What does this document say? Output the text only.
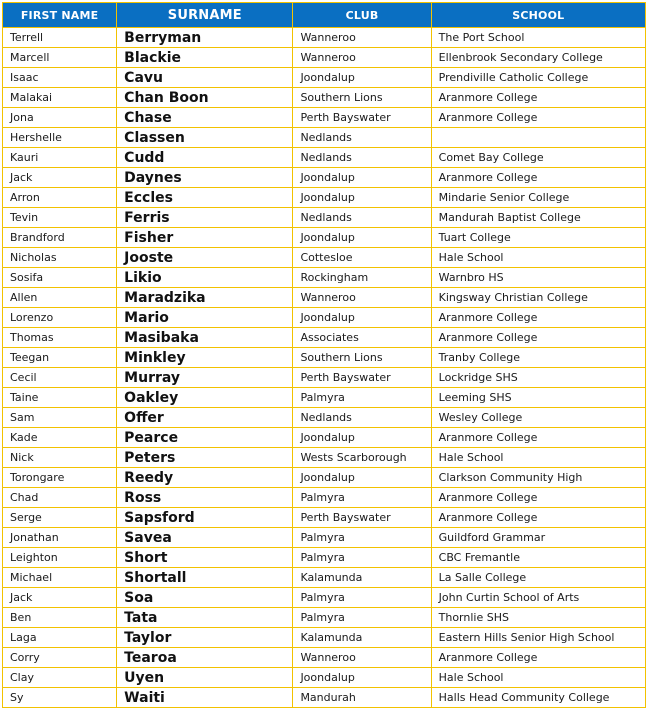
FIRST NAME	SURNAME	CLUB	SCHOOL
Terrell	Berryman	Wanneroo	The Port School
Marcell	Blackie	Wanneroo	Ellenbrook Secondary College
Isaac	Cavu	Joondalup	Prendiville Catholic College
Malakai	Chan Boon	Southern Lions	Aranmore College
Jona	Chase	Perth Bayswater	Aranmore College
Hershelle	Classen	Nedlands	
Kauri	Cudd	Nedlands	Comet Bay College
Jack	Daynes	Joondalup	Aranmore College
Arron	Eccles	Joondalup	Mindarie Senior College
Tevin	Ferris	Nedlands	Mandurah Baptist College
Brandford	Fisher	Joondalup	Tuart College
Nicholas	Jooste	Cottesloe	Hale School
Sosifa	Likio	Rockingham	Warnbro HS
Allen	Maradzika	Wanneroo	Kingsway Christian College
Lorenzo	Mario	Joondalup	Aranmore College
Thomas	Masibaka	Associates	Aranmore College
Teegan	Minkley	Southern Lions	Tranby College
Cecil	Murray	Perth Bayswater	Lockridge SHS
Taine	Oakley	Palmyra	Leeming SHS
Sam	Offer	Nedlands	Wesley College
Kade	Pearce	Joondalup	Aranmore College
Nick	Peters	Wests Scarborough	Hale School
Torongare	Reedy	Joondalup	Clarkson Community High
Chad	Ross	Palmyra	Aranmore College
Serge	Sapsford	Perth Bayswater	Aranmore College
Jonathan	Savea	Palmyra	Guildford Grammar
Leighton	Short	Palmyra	CBC Fremantle
Michael	Shortall	Kalamunda	La Salle College
Jack	Soa	Palmyra	John Curtin School of Arts
Ben	Tata	Palmyra	Thornlie SHS
Laga	Taylor	Kalamunda	Eastern Hills Senior High School
Corry	Tearoa	Wanneroo	Aranmore College
Clay	Uyen	Joondalup	Hale School
Sy	Waiti	Mandurah	Halls Head Community College
